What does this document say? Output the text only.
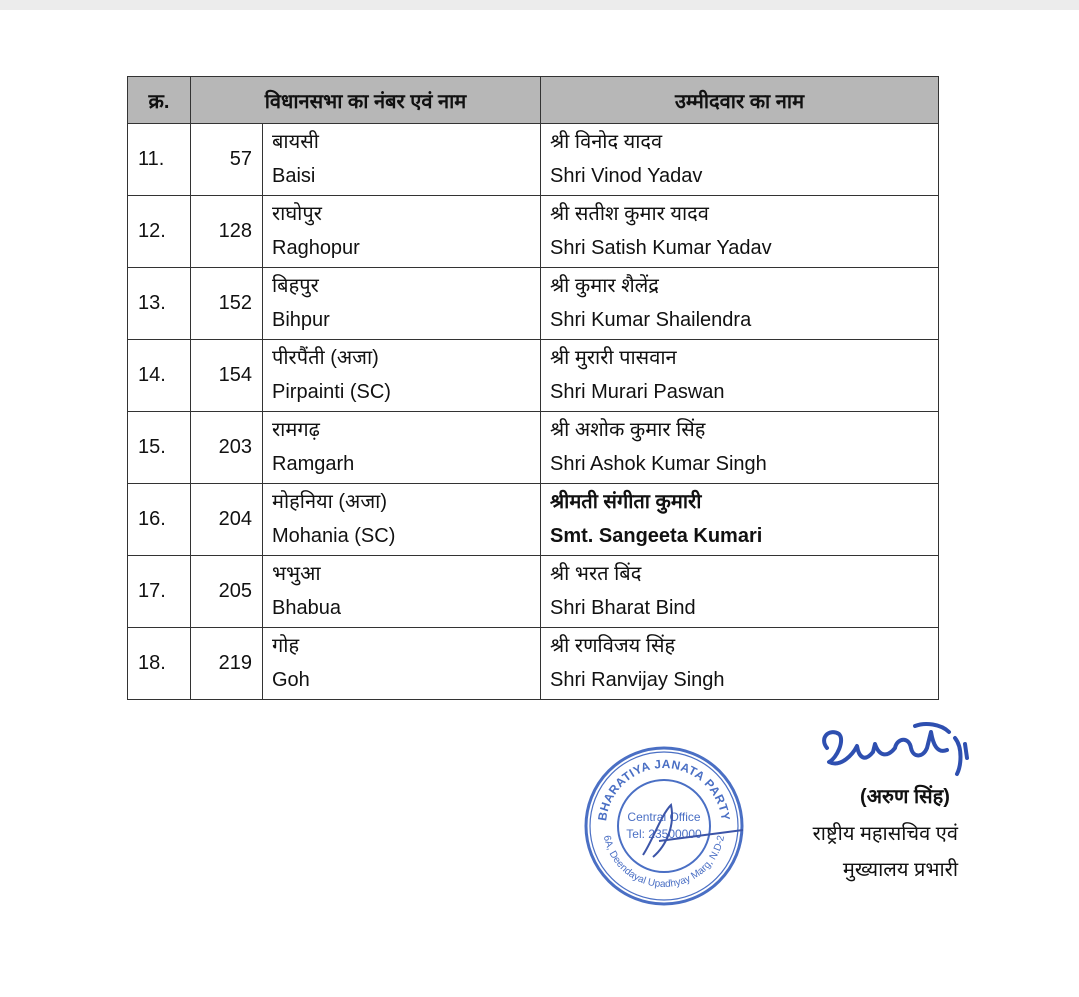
क्र.	विधानसभा का नंबर एवं नाम		उम्मीदवार का नाम
11.	57	बायसी
Baisi	श्री विनोद यादव
Shri Vinod Yadav

12.	128	राघोपुर
Raghopur	श्री सतीश कुमार यादव
Shri Satish Kumar Yadav

13.	152	बिहपुर
Bihpur	श्री कुमार शैलेंद्र
Shri Kumar Shailendra

14.	154	पीरपैंती (अजा)
Pirpainti (SC)	श्री मुरारी पासवान
Shri Murari Paswan

15.	203	रामगढ़
Ramgarh	श्री अशोक कुमार सिंह
Shri Ashok Kumar Singh

16.	204	मोहनिया (अजा)
Mohania (SC)	श्रीमती संगीता कुमारी
Smt. Sangeeta Kumari

17.	205	भभुआ
Bhabua	श्री भरत बिंद
Shri Bharat Bind

18.	219	गोह
Goh	श्री रणविजय सिंह
Shri Ranvijay Singh
BHARATIYA JANATA PARTY
6A, Deendayal Upadhyay Marg, N.D-2
Central Office
Tel: 23500000
(अरुण सिंह)
राष्ट्रीय महासचिव एवं
मुख्यालय प्रभारी
